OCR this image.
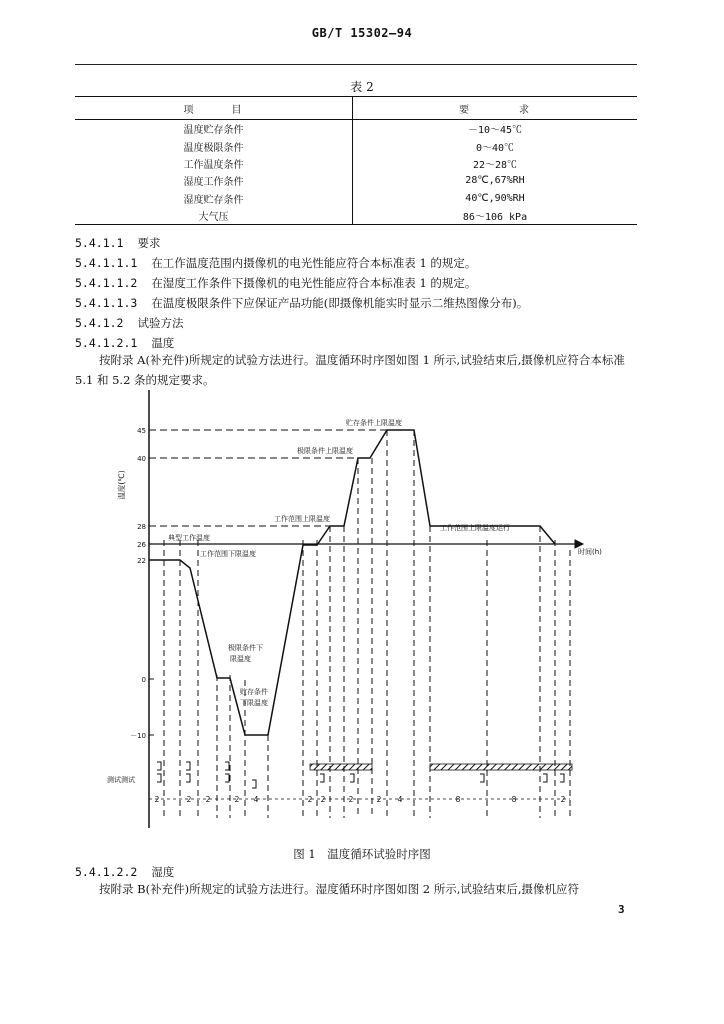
GB/T 15302—94
表 2
项　　　目	要　　　　求
温度贮存条件	－10～45℃
温度极限条件	0～40℃
工作温度条件	22～28℃
湿度工作条件	28℃,67%RH
湿度贮存条件	40℃,90%RH
大气压	86～106 kPa
5.4.1.1 要求
5.4.1.1.1 在工作温度范围内摄像机的电光性能应符合本标准表 1 的规定。
5.4.1.1.2 在湿度工作条件下摄像机的电光性能应符合本标准表 1 的规定。
5.4.1.1.3 在温度极限条件下应保证产品功能(即摄像机能实时显示二维热图像分布)。
5.4.1.2 试验方法
5.4.1.2.1 温度
按附录 A(补充件)所规定的试验方法进行。温度循环时序图如图 1 所示,试验结束后,摄像机应符合本标准 5.1 和 5.2 条的规定要求。
2	2 2	2 4	2 2	2	2 4	8	8	2
45
40
28
26
22
0
－10
温度(℃)
时间(h)
测试测试
贮存条件上限温度
极限条件上限温度
工作范围上限温度
工作范围上限温度运行
典型工作温度
工作范围下限温度
极限条件下
限温度
贮存条件
下限温度
图 1　温度循环试验时序图
5.4.1.2.2 湿度
按附录 B(补充件)所规定的试验方法进行。湿度循环时序图如图 2 所示,试验结束后,摄像机应符
3
